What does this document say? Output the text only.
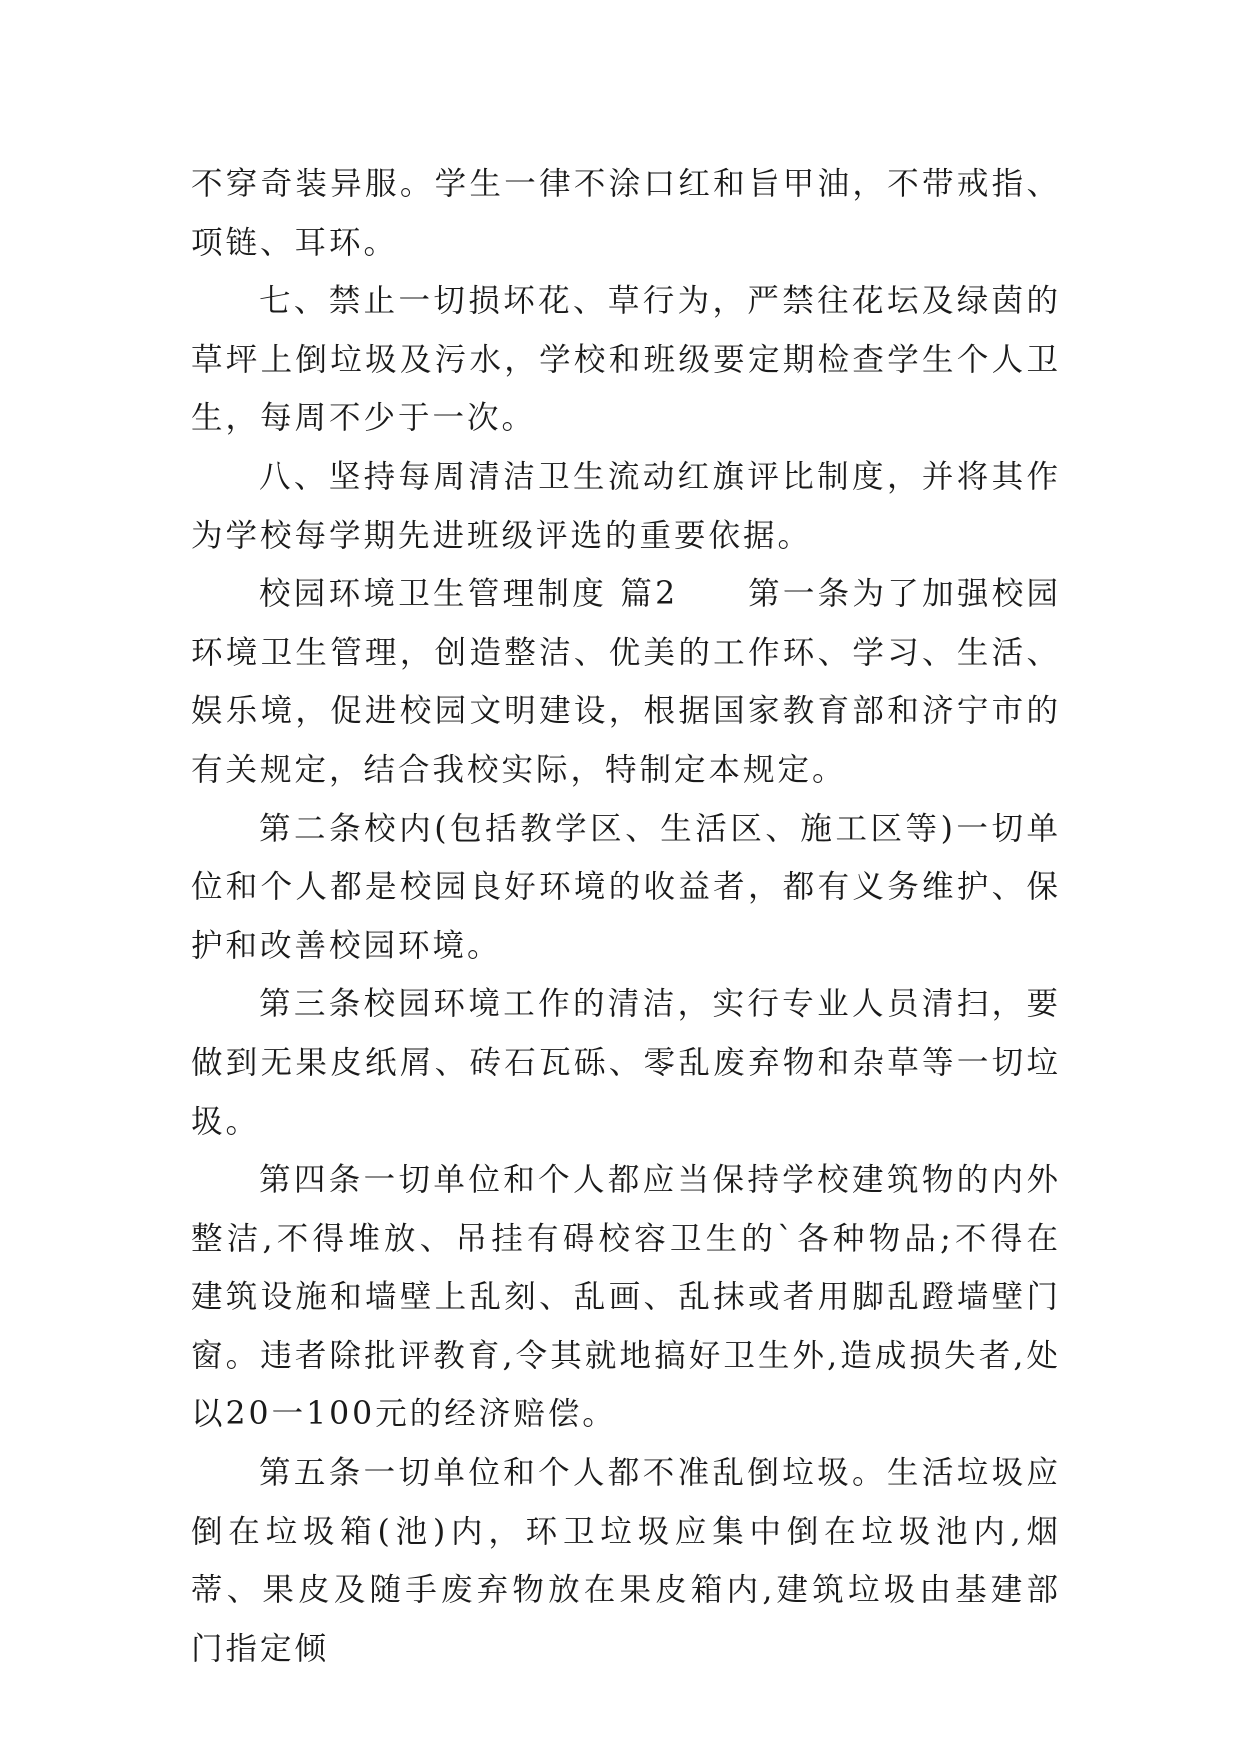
不穿奇装异服。学生一律不涂口红和旨甲油，不带戒指、项链、耳环。

七、禁止一切损坏花、草行为，严禁往花坛及绿茵的草坪上倒垃圾及污水，学校和班级要定期检查学生个人卫生，每周不少于一次。

八、坚持每周清洁卫生流动红旗评比制度，并将其作为学校每学期先进班级评选的重要依据。

校园环境卫生管理制度 篇2　　第一条为了加强校园环境卫生管理，创造整洁、优美的工作环、学习、生活、娱乐境，促进校园文明建设，根据国家教育部和济宁市的有关规定，结合我校实际，特制定本规定。

第二条校内(包括教学区、生活区、施工区等)一切单位和个人都是校园良好环境的收益者，都有义务维护、保护和改善校园环境。

第三条校园环境工作的清洁，实行专业人员清扫，要做到无果皮纸屑、砖石瓦砾、零乱废弃物和杂草等一切垃圾。

第四条一切单位和个人都应当保持学校建筑物的内外整洁,不得堆放、吊挂有碍校容卫生的`各种物品;不得在建筑设施和墙壁上乱刻、乱画、乱抹或者用脚乱蹬墙壁门窗。违者除批评教育,令其就地搞好卫生外,造成损失者,处以20一100元的经济赔偿。

第五条一切单位和个人都不准乱倒垃圾。生活垃圾应倒在垃圾箱(池)内，环卫垃圾应集中倒在垃圾池内,烟蒂、果皮及随手废弃物放在果皮箱内,建筑垃圾由基建部门指定倾
